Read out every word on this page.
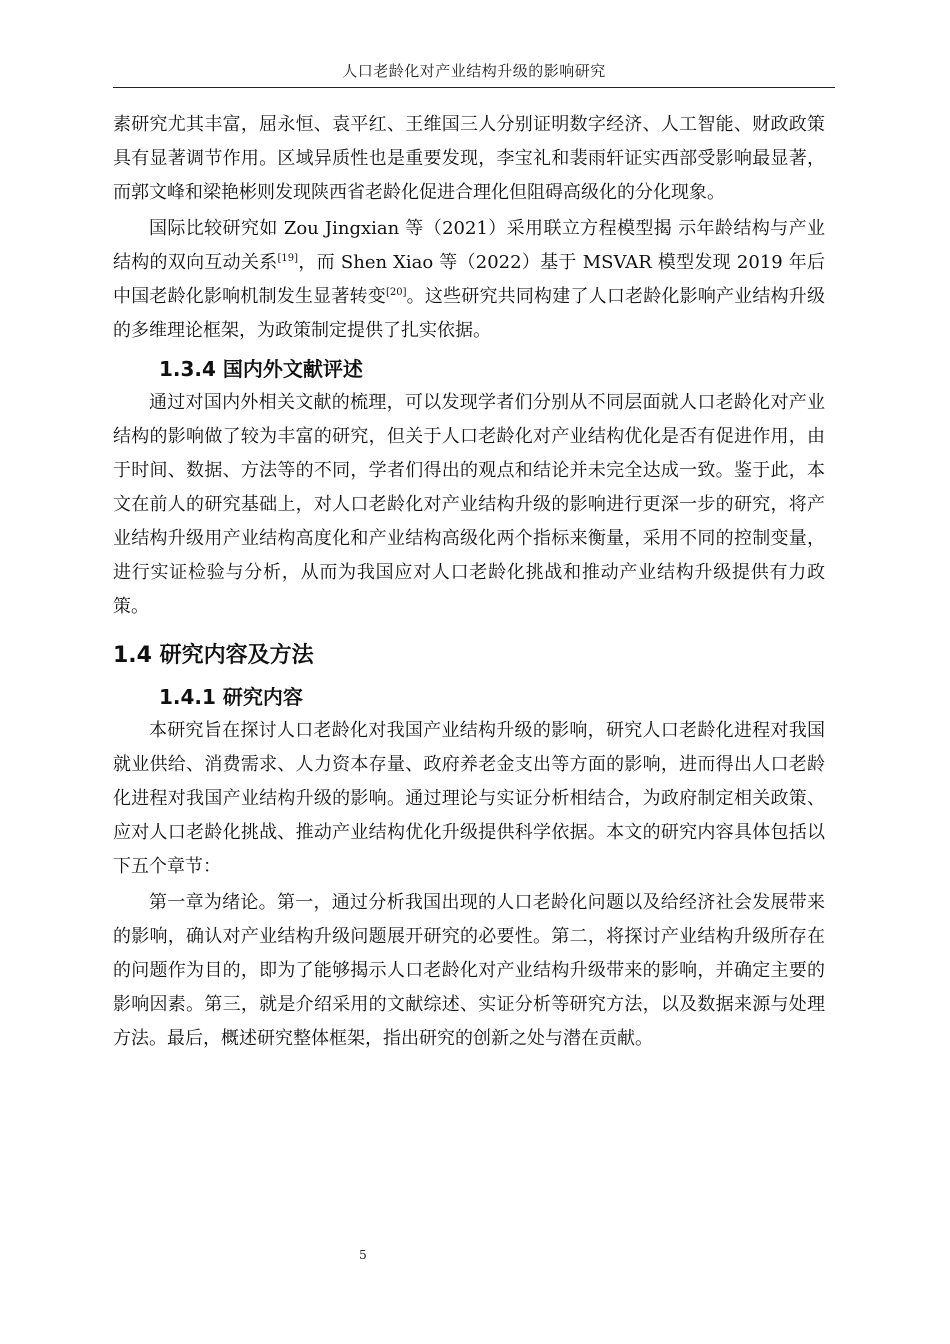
人口老龄化对产业结构升级的影响研究

素研究尤其丰富，屈永恒、袁平红、王维国三人分别证明数字经济、人工智能、财政政策具有显著调节作用。区域异质性也是重要发现，李宝礼和裴雨轩证实西部受影响最显著，而郭文峰和梁艳彬则发现陕西省老龄化促进合理化但阻碍高级化的分化现象。

国际比较研究如 Zou Jingxian 等（2021）采用联立方程模型揭 示年龄结构与产业结构的双向互动关系[19]，而 Shen Xiao 等（2022）基于 MSVAR 模型发现 2019 年后中国老龄化影响机制发生显著转变[20]。这些研究共同构建了人口老龄化影响产业结构升级的多维理论框架，为政策制定提供了扎实依据。

1.3.4 国内外文献评述

通过对国内外相关文献的梳理，可以发现学者们分别从不同层面就人口老龄化对产业结构的影响做了较为丰富的研究，但关于人口老龄化对产业结构优化是否有促进作用，由于时间、数据、方法等的不同，学者们得出的观点和结论并未完全达成一致。鉴于此，本文在前人的研究基础上，对人口老龄化对产业结构升级的影响进行更深一步的研究，将产业结构升级用产业结构高度化和产业结构高级化两个指标来衡量，采用不同的控制变量，进行实证检验与分析，从而为我国应对人口老龄化挑战和推动产业结构升级提供有力政策。

1.4 研究内容及方法
1.4.1 研究内容

本研究旨在探讨人口老龄化对我国产业结构升级的影响，研究人口老龄化进程对我国就业供给、消费需求、人力资本存量、政府养老金支出等方面的影响，进而得出人口老龄化进程对我国产业结构升级的影响。通过理论与实证分析相结合，为政府制定相关政策、应对人口老龄化挑战、推动产业结构优化升级提供科学依据。本文的研究内容具体包括以下五个章节：

第一章为绪论。第一，通过分析我国出现的人口老龄化问题以及给经济社会发展带来的影响，确认对产业结构升级问题展开研究的必要性。第二，将探讨产业结构升级所存在的问题作为目的，即为了能够揭示人口老龄化对产业结构升级带来的影响，并确定主要的影响因素。第三，就是介绍采用的文献综述、实证分析等研究方法，以及数据来源与处理方法。最后，概述研究整体框架，指出研究的创新之处与潜在贡献。

5
